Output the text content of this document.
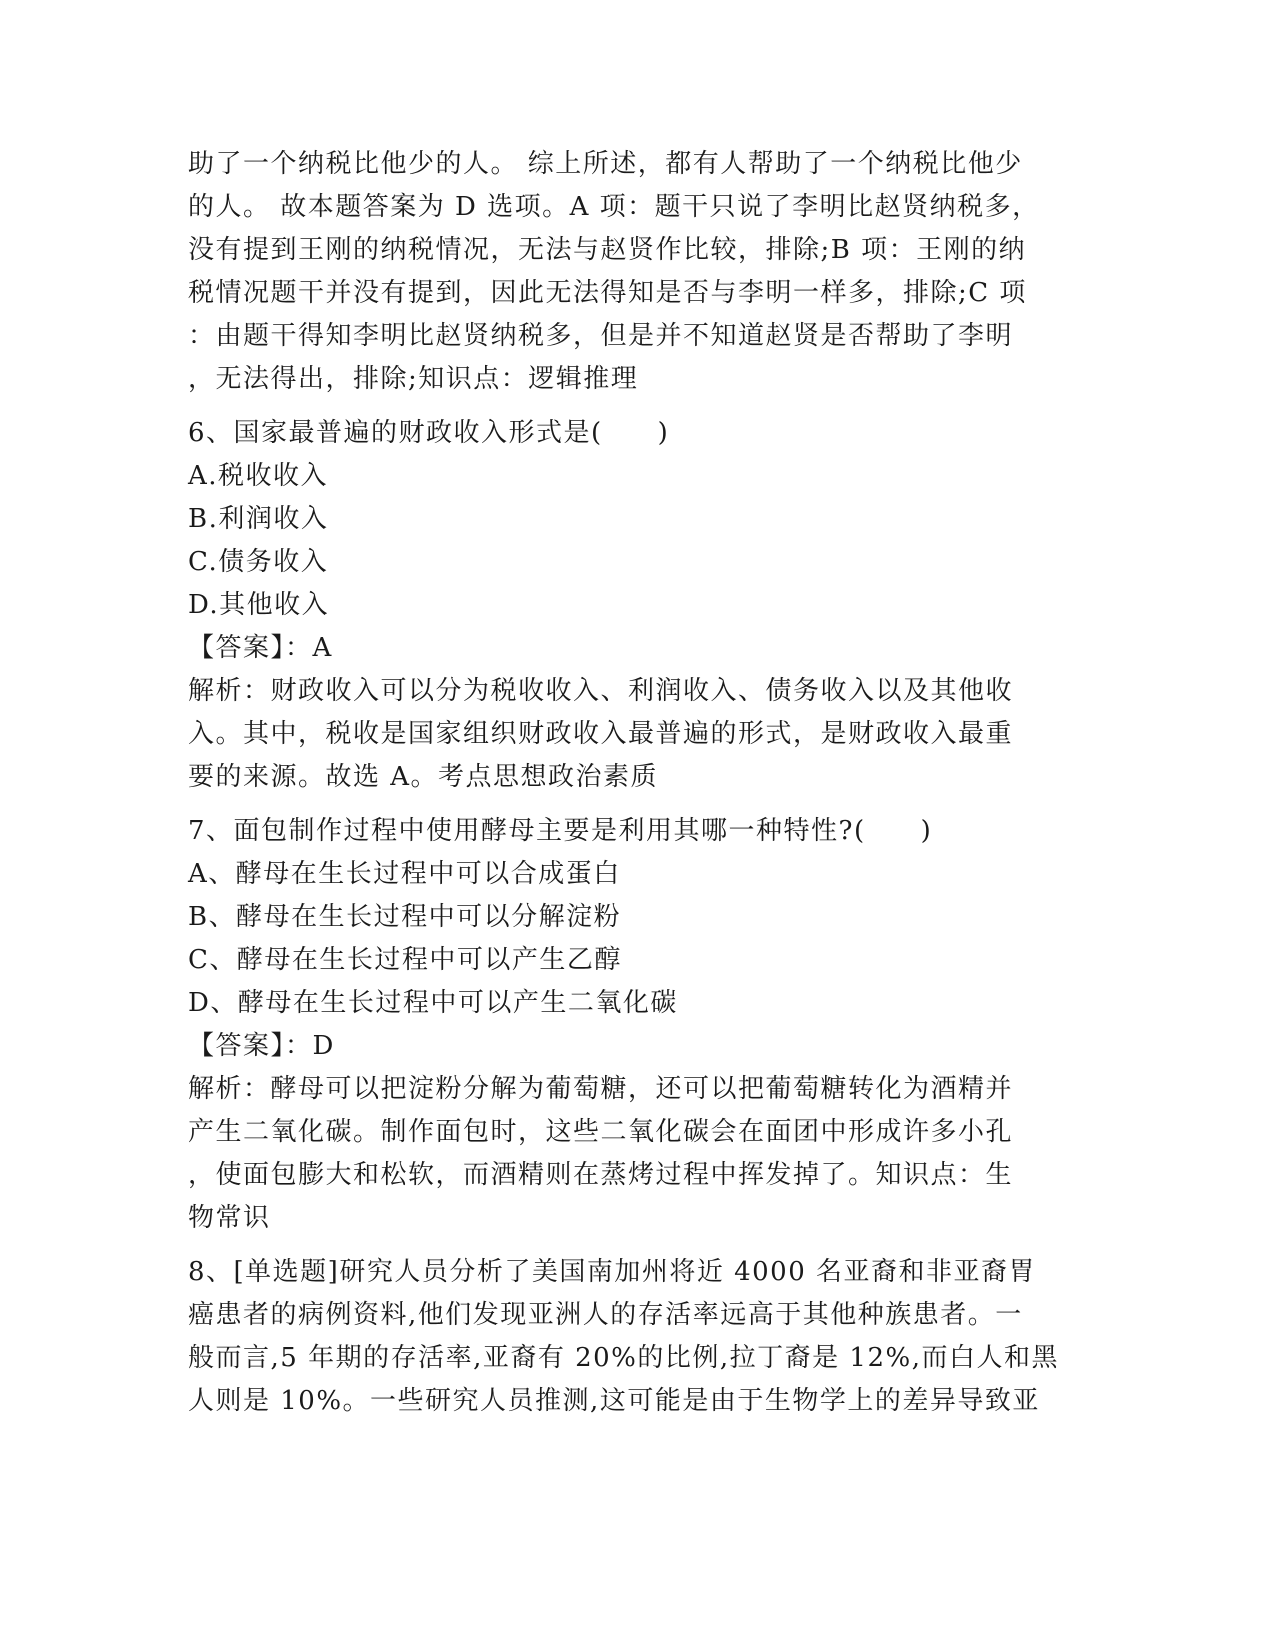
助了一个纳税比他少的人。 综上所述，都有人帮助了一个纳税比他少
的人。 故本题答案为 D 选项。A 项：题干只说了李明比赵贤纳税多，
没有提到王刚的纳税情况，无法与赵贤作比较，排除;B 项：王刚的纳
税情况题干并没有提到，因此无法得知是否与李明一样多，排除;C 项
：由题干得知李明比赵贤纳税多，但是并不知道赵贤是否帮助了李明
，无法得出，排除;知识点：逻辑推理
6、国家最普遍的财政收入形式是(　　)
A.税收收入
B.利润收入
C.债务收入
D.其他收入
【答案】：A
解析：财政收入可以分为税收收入、利润收入、债务收入以及其他收
入。其中，税收是国家组织财政收入最普遍的形式，是财政收入最重
要的来源。故选 A。考点思想政治素质
7、面包制作过程中使用酵母主要是利用其哪一种特性?(　　)
A、酵母在生长过程中可以合成蛋白
B、酵母在生长过程中可以分解淀粉
C、酵母在生长过程中可以产生乙醇
D、酵母在生长过程中可以产生二氧化碳
【答案】：D
解析：酵母可以把淀粉分解为葡萄糖，还可以把葡萄糖转化为酒精并
产生二氧化碳。制作面包时，这些二氧化碳会在面团中形成许多小孔
，使面包膨大和松软，而酒精则在蒸烤过程中挥发掉了。知识点：生
物常识
8、[单选题]研究人员分析了美国南加州将近 4000 名亚裔和非亚裔胃
癌患者的病例资料,他们发现亚洲人的存活率远高于其他种族患者。一
般而言,5 年期的存活率,亚裔有 20%的比例,拉丁裔是 12%,而白人和黑
人则是 10%。一些研究人员推测,这可能是由于生物学上的差异导致亚
